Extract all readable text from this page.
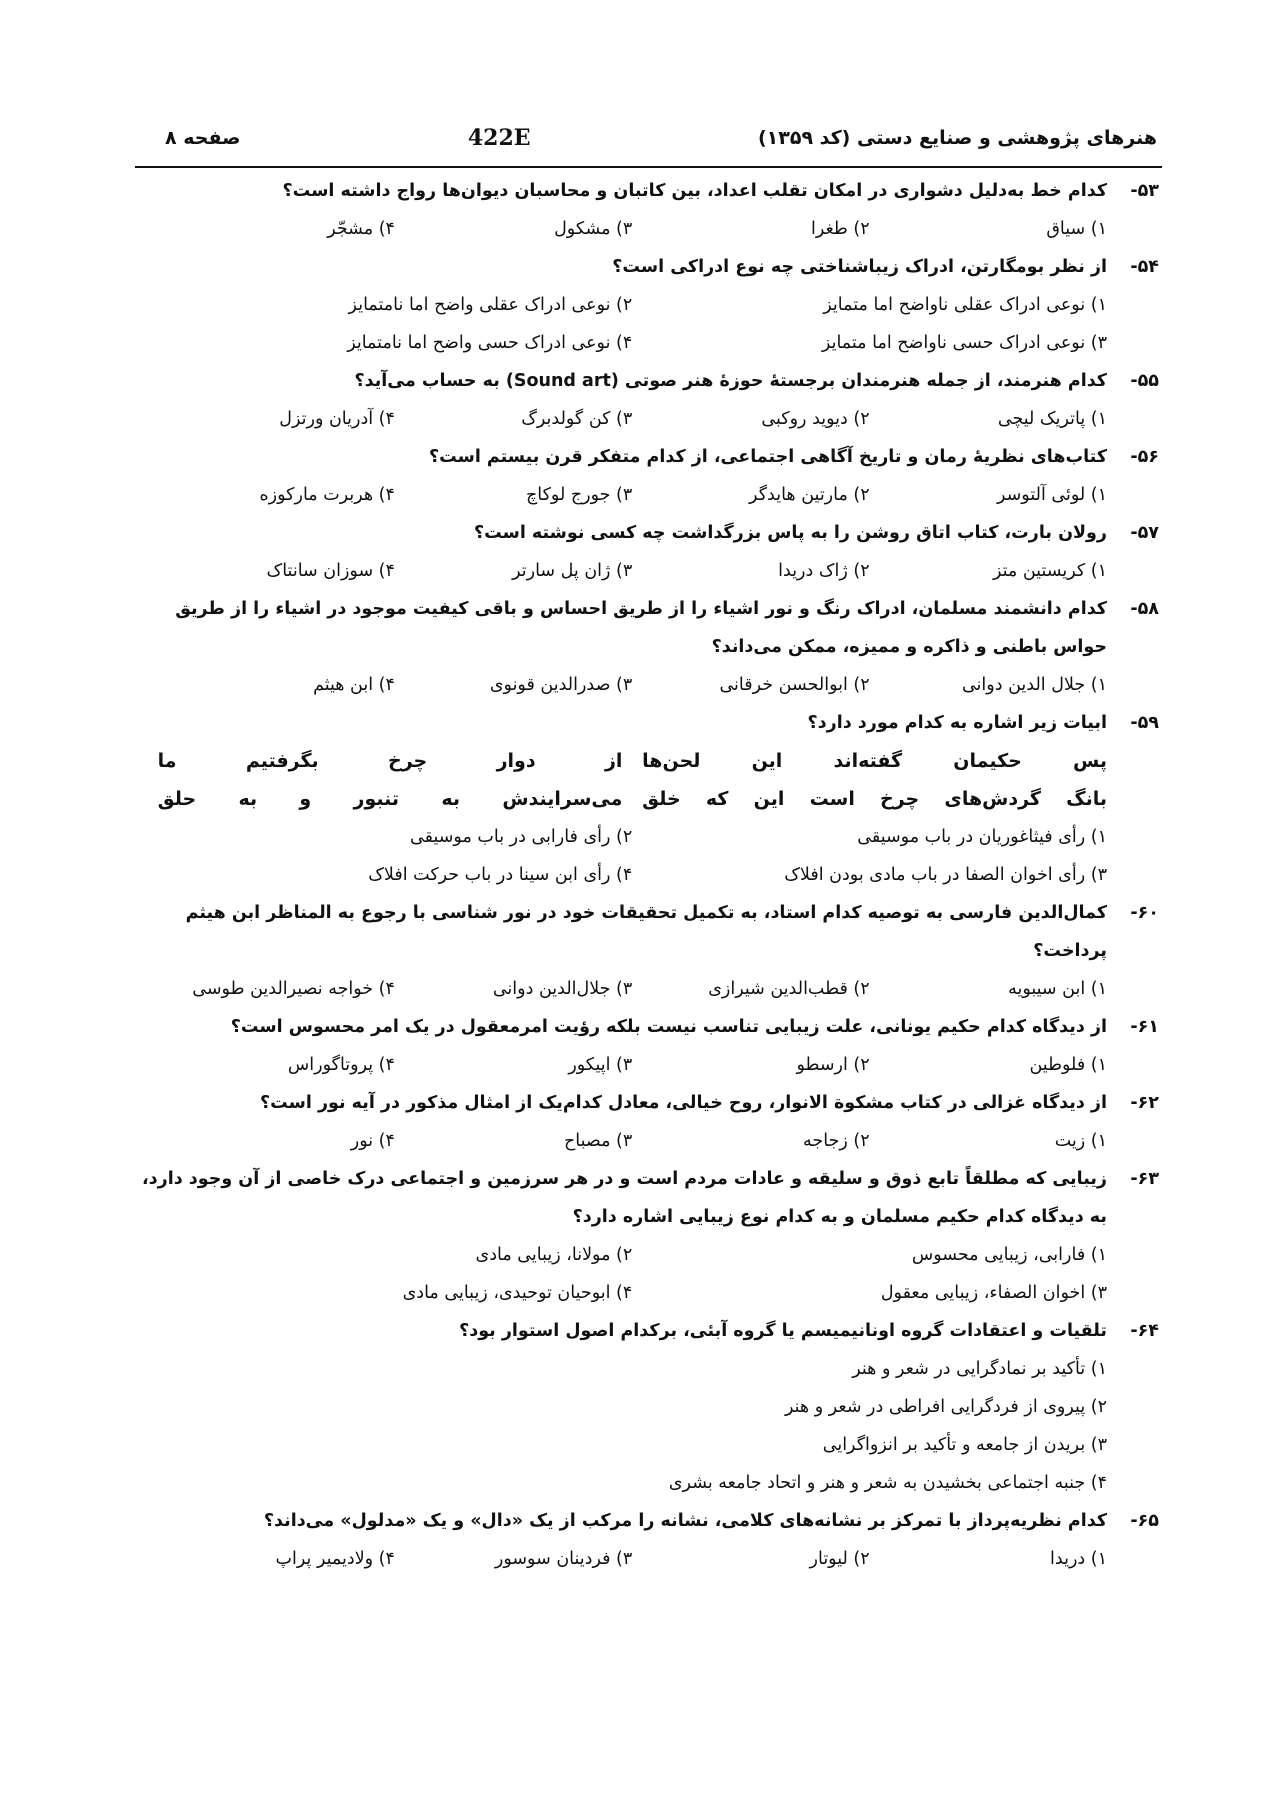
هنرهای پژوهشی و صنایع دستی (کد ۱۳۵۹)
422E
صفحه ۸
۵۳-
کدام خط به‌دلیل دشواری در امکان تقلب اعداد، بین کاتبان و محاسبان دیوان‌ها رواج داشته است؟
۱) سیاق
۲) طغرا
۳) مشکول
۴) مشجّر
۵۴-
از نظر بومگارتن، ادراک زیباشناختی چه نوع ادراکی است؟
۱) نوعی ادراک عقلی ناواضح اما متمایز
۲) نوعی ادراک عقلی واضح اما نامتمایز
۳) نوعی ادراک حسی ناواضح اما متمایز
۴) نوعی ادراک حسی واضح اما نامتمایز
۵۵-
کدام هنرمند، از جمله هنرمندان برجستهٔ حوزهٔ هنر صوتی (Sound art) به حساب می‌آید؟
۱) پاتریک لیچی
۲) دیوید روکبی
۳) کن گولدبرگ
۴) آدریان ورتزل
۵۶-
کتاب‌های نظریهٔ رمان و تاریخ آگاهی اجتماعی، از کدام متفکر قرن بیستم است؟
۱) لوئی آلتوسر
۲) مارتین هایدگر
۳) جورج لوکاچ
۴) هربرت مارکوزه
۵۷-
رولان بارت، کتاب اتاق روشن را به پاس بزرگداشت چه کسی نوشته است؟
۱) کریستین متز
۲) ژاک دریدا
۳) ژان پل سارتر
۴) سوزان سانتاک
۵۸-
کدام دانشمند مسلمان، ادراک رنگ و نور اشیاء را از طریق احساس و باقی کیفیت موجود در اشیاء را از طریق
حواس باطنی و ذاکره و ممیزه، ممکن می‌داند؟
۱) جلال الدین دوانی
۲) ابوالحسن خرقانی
۳) صدرالدین قونوی
۴) ابن هیثم
۵۹-
ابیات زیر اشاره به کدام مورد دارد؟
پس حکیمان گفته‌اند این لحن‌ها
از دوار چرخ بگرفتیم ما
بانگ گردش‌های چرخ است این که خلق
می‌سرایندش به تنبور و به حلق
۱) رأی فیثاغوریان در باب موسیقی
۲) رأی فارابی در باب موسیقی
۳) رأی اخوان الصفا در باب مادی بودن افلاک
۴) رأی ابن سینا در باب حرکت افلاک
۶۰-
کمال‌الدین فارسی به توصیه کدام استاد، به تکمیل تحقیقات خود در نور شناسی با رجوع به المناظر ابن هیثم پرداخت؟
۱) ابن سیبویه
۲) قطب‌الدین شیرازی
۳) جلال‌الدین دوانی
۴) خواجه نصیرالدین طوسی
۶۱-
از دیدگاه کدام حکیم یونانی، علت زیبایی تناسب نیست بلکه رؤیت امرمعقول در یک امر محسوس است؟
۱) فلوطین
۲) ارسطو
۳) اپیکور
۴) پروتاگوراس
۶۲-
از دیدگاه غزالی در کتاب مشکوة الانوار، روح خیالی، معادل کدام‌یک از امثال مذکور در آیه نور است؟
۱) زیت
۲) زجاجه
۳) مصباح
۴) نور
۶۳-
زیبایی که مطلقاً تابع ذوق و سلیقه و عادات مردم است و در هر سرزمین و اجتماعی درک خاصی از آن وجود دارد،
به دیدگاه کدام حکیم مسلمان و به کدام نوع زیبایی اشاره دارد؟
۱) فارابی، زیبایی محسوس
۲) مولانا، زیبایی مادی
۳) اخوان الصفاء، زیبایی معقول
۴) ابوحیان توحیدی، زیبایی مادی
۶۴-
تلقیات و اعتقادات گروه اونانیمیسم یا گروه آبئی، برکدام اصول استوار بود؟
۱) تأکید بر نمادگرایی در شعر و هنر
۲) پیروی از فردگرایی افراطی در شعر و هنر
۳) بریدن از جامعه و تأکید بر انزواگرایی
۴) جنبه اجتماعی بخشیدن به شعر و هنر و اتحاد جامعه بشری
۶۵-
کدام نظریه‌پرداز با تمرکز بر نشانه‌های کلامی، نشانه را مرکب از یک «دال» و یک «مدلول» می‌داند؟
۱) دریدا
۲) لیوتار
۳) فردینان سوسور
۴) ولادیمیر پراپ
